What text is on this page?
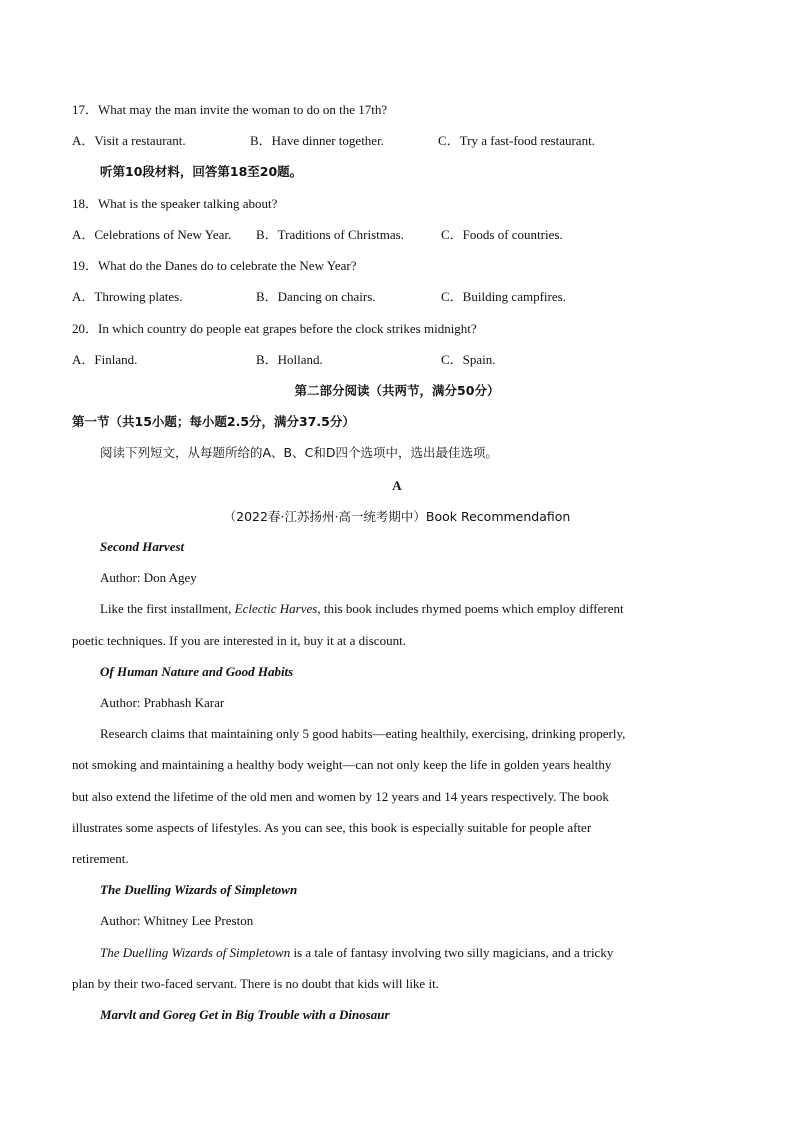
17．What may the man invite the woman to do on the 17th?
A．Visit a restaurant.	B．Have dinner together.	C．Try a fast-food restaurant.
听第10段材料，回答第18至20题。
18．What is the speaker talking about?
A．Celebrations of New Year. B．Traditions of Christmas.	C．Foods of countries.
19．What do the Danes do to celebrate the New Year?
A．Throwing plates.	B．Dancing on chairs.	C．Building campfires.
20．In which country do people eat grapes before the clock strikes midnight?
A．Finland.	B．Holland.	C．Spain.
第二部分阅读（共两节，满分50分）
第一节（共15小题；每小题2.5分，满分37.5分）
阅读下列短文，从每题所给的A、B、C和D四个选项中，选出最佳选项。
A
（2022春·江苏扬州·高一统考期中）Book Recommendafion
Second Harvest
Author: Don Agey
Like the first installment, Eclectic Harves, this book includes rhymed poems which employ different
poetic techniques. If you are interested in it, buy it at a discount.
Of Human Nature and Good Habits
Author: Prabhash Karar
Research claims that maintaining only 5 good habits—eating healthily, exercising, drinking properly,
not smoking and maintaining a healthy body weight—can not only keep the life in golden years healthy
but also extend the lifetime of the old men and women by 12 years and 14 years respectively. The book
illustrates some aspects of lifestyles. As you can see, this book is especially suitable for people after
retirement.
The Duelling Wizards of Simpletown
Author: Whitney Lee Preston
The Duelling Wizards of Simpletown is a tale of fantasy involving two silly magicians, and a tricky
plan by their two-faced servant. There is no doubt that kids will like it.
Marvlt and Goreg Get in Big Trouble with a Dinosaur
